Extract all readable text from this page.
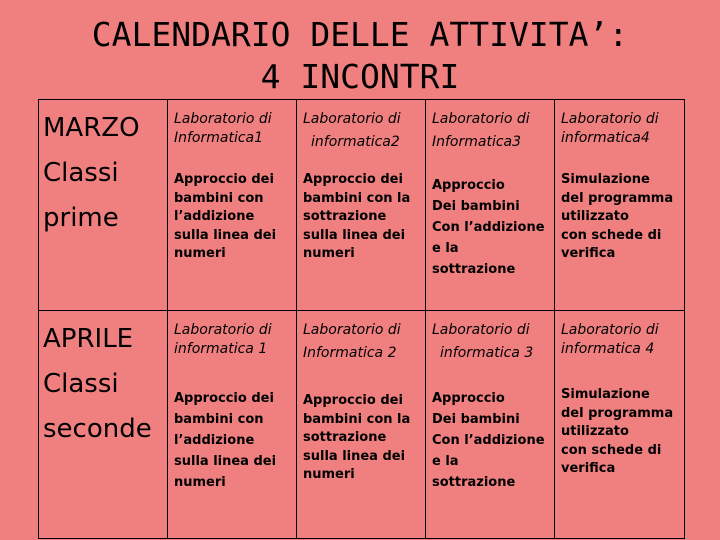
CALENDARIO DELLE ATTIVITA’:
4 INCONTRI
MARZO
Classi
prime
Laboratorio di
Informatica1
Laboratorio di
informatica2
Laboratorio di
Informatica3
Laboratorio di
informatica4
Approccio dei
bambini con
l’addizione
sulla linea dei
numeri
Approccio dei
bambini con la
sottrazione
sulla linea dei
numeri
Approccio
Dei bambini
Con l’addizione
e la
sottrazione
Simulazione
del programma
utilizzato
con schede di
verifica
APRILE
Classi
seconde
Laboratorio di
informatica 1
Laboratorio di
Informatica 2
Laboratorio di
informatica 3
Laboratorio di
informatica 4
Approccio dei
bambini con
l’addizione
sulla linea dei
numeri
Approccio dei
bambini con la
sottrazione
sulla linea dei
numeri
Approccio
Dei bambini
Con l’addizione
e la
sottrazione
Simulazione
del programma
utilizzato
con schede di
verifica
